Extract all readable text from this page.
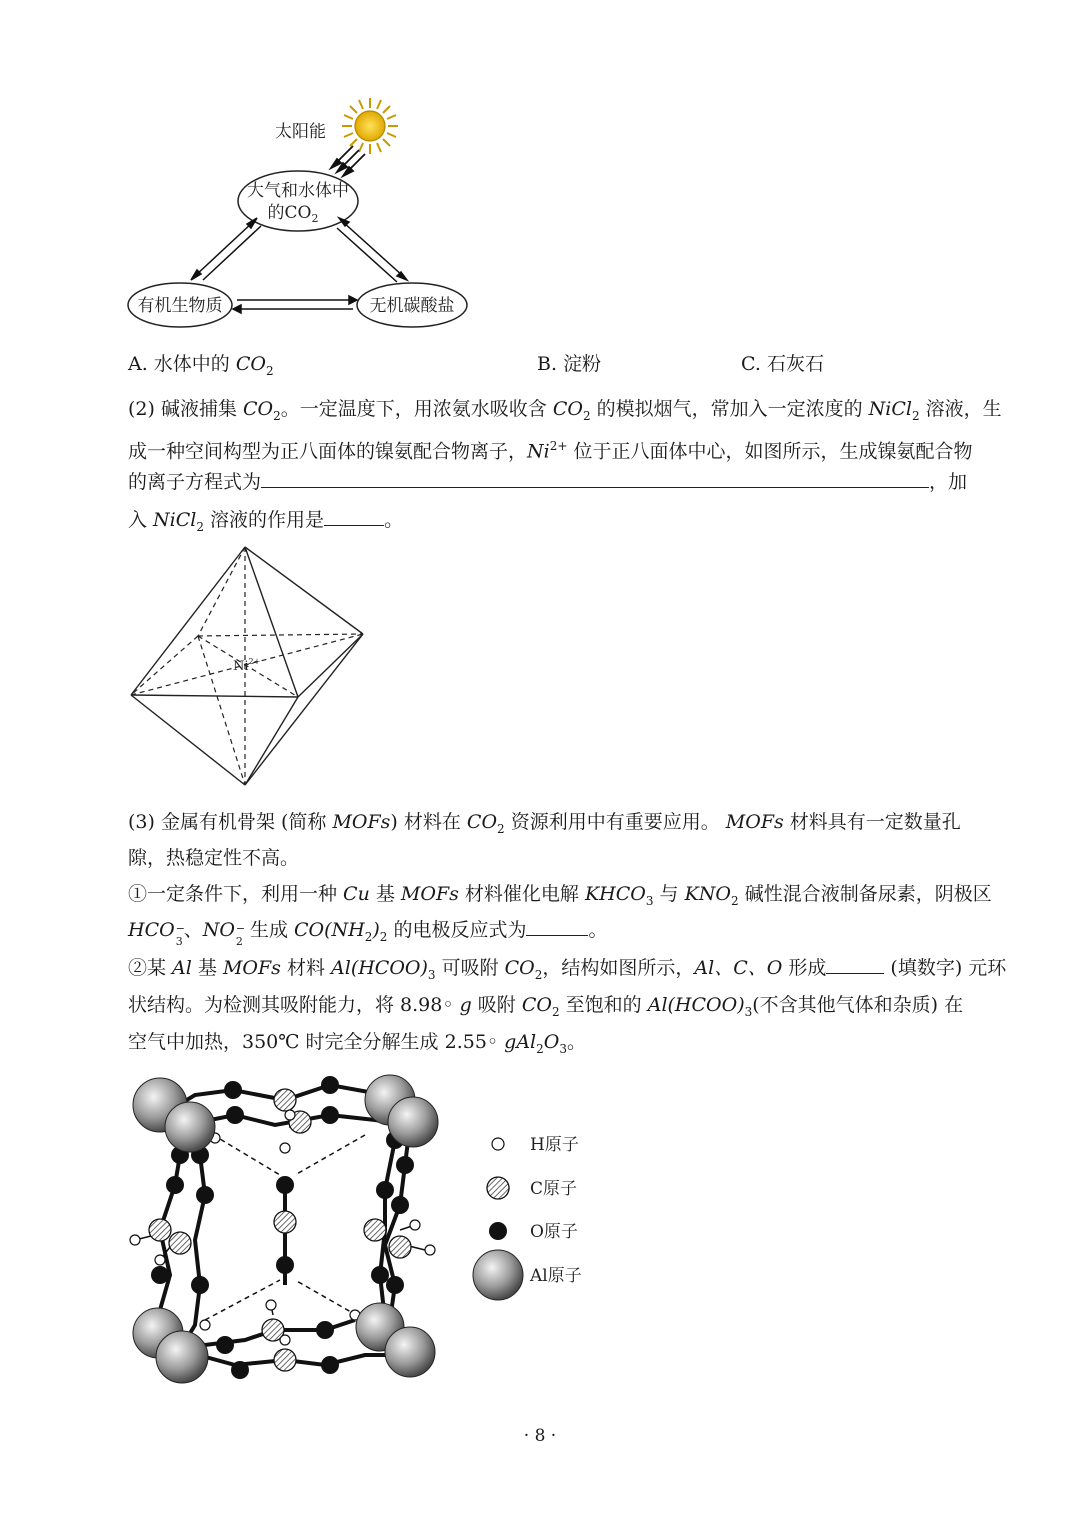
太阳能
大气和水体中
的$CO_2$
有机生物质	无机碳酸盐
A. 水体中的 $CO_2$	B. 淀粉	C. 石灰石
(2) 碱液捕集 $CO_2$。一定温度下，用浓氨水吸收含 $CO_2$ 的模拟烟气，常加入一定浓度的 NiCl$_2$ 溶液，生
成一种空间构型为正八面体的镍氨配合物离子，$Ni^{2+}$ 位于正八面体中心，如图所示，生成镍氨配合物
的离子方程式为	，加
入 NiCl$_2$ 溶液的作用是	。
$Ni^{2+}$
(3) 金属有机骨架 (简称 MOFs) 材料在 $CO_2$ 资源利用中有重要应用。 MOFs 材料具有一定数量孔
隙，热稳定性不高。
①一定条件下，利用一种 Cu 基 MOFs 材料催化电解 $KHCO_3$ 与 $KNO_2$ 碱性混合液制备尿素，阴极区
HCO −
3
、NO −
2
生成 $CO(NH_2)_2$ 的电极反应式为	。
②某 Al 基 MOFs 材料 $Al(HCOO)_3$ 可吸附 $CO_2$，结构如图所示，Al、C、O 形成	(填数字) 元环
状结构。为检测其吸附能力，将 8.98◦ g 吸附 $CO_2$ 至饱和的 $Al(HCOO)_3$(不含其他气体和杂质) 在
空气中加热，350℃ 时完全分解生成 2.55◦ $gAl_2O_3$。
H原子
C原子
O原子
Al原子
· 8 ·
